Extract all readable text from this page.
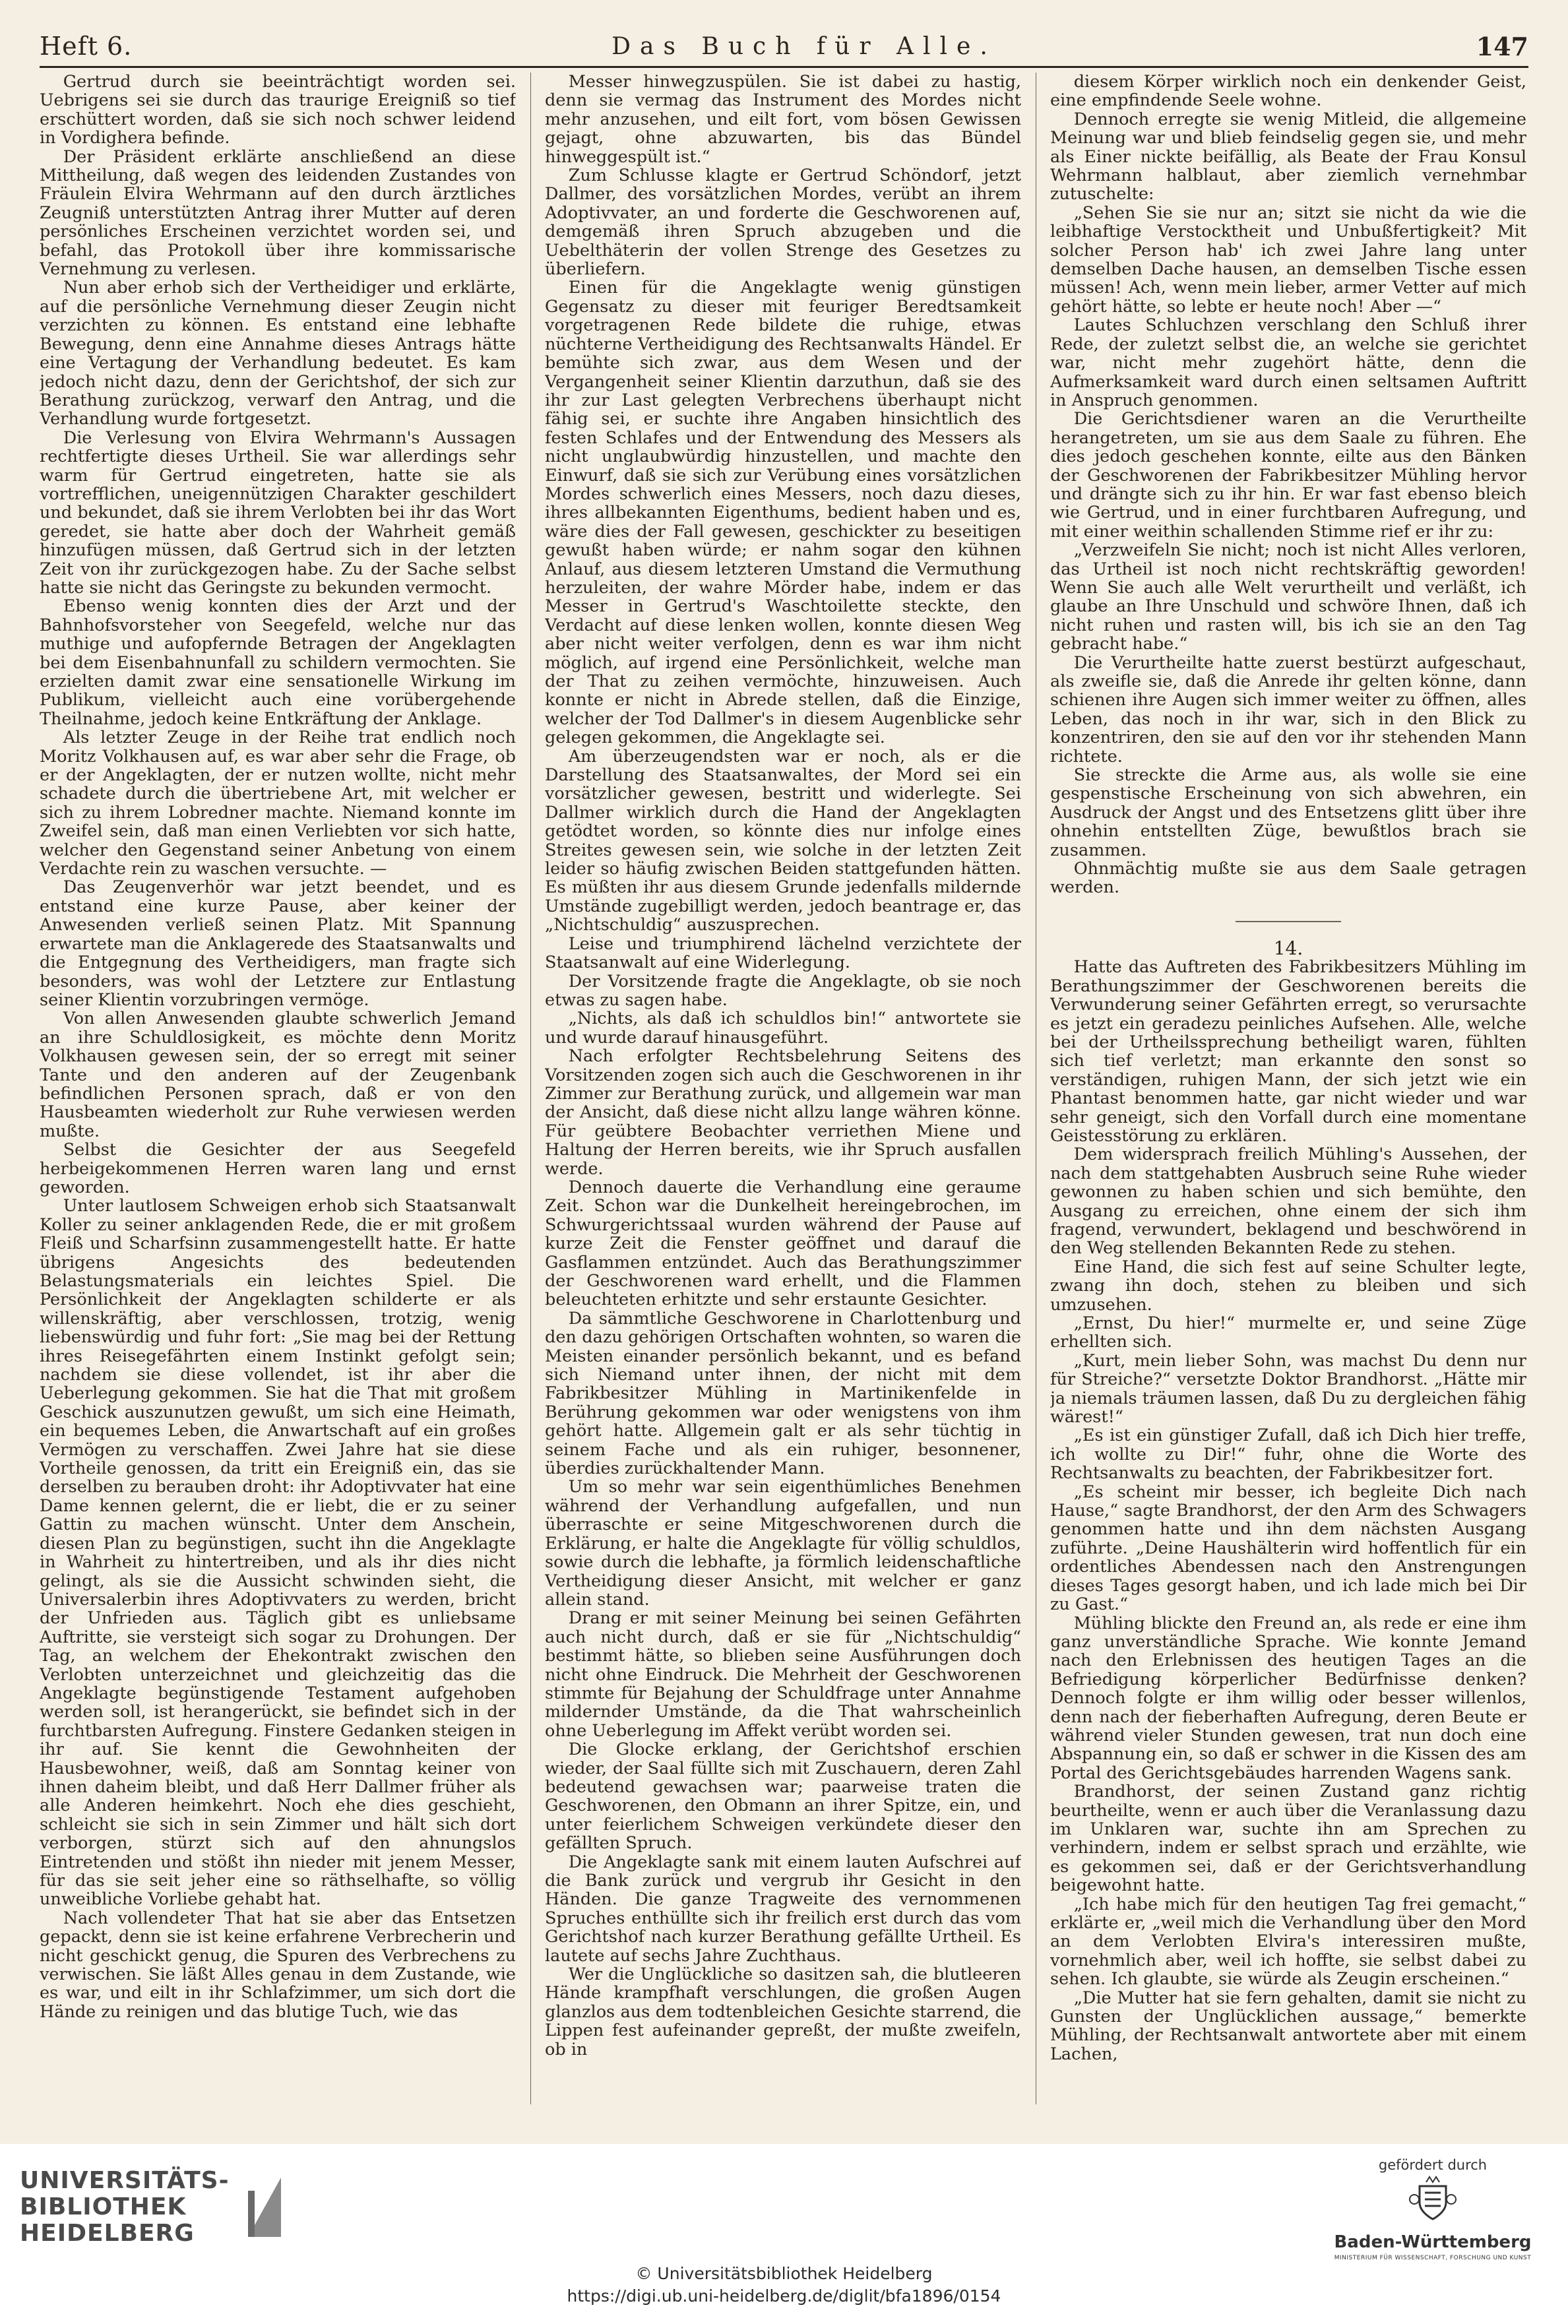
Heft 6.	Das Buch für Alle.	147

Gertrud durch sie beeinträchtigt worden sei. Uebrigens sei sie durch das traurige Ereigniß so tief erschüttert worden, daß sie sich noch schwer leidend in Vordighera befinde.

Der Präsident erklärte anschließend an diese Mittheilung, daß wegen des leidenden Zustandes von Fräulein Elvira Wehrmann auf den durch ärztliches Zeugniß unterstützten Antrag ihrer Mutter auf deren persönliches Erscheinen verzichtet worden sei, und befahl, das Protokoll über ihre kommissarische Vernehmung zu verlesen.

Nun aber erhob sich der Vertheidiger und erklärte, auf die persönliche Vernehmung dieser Zeugin nicht verzichten zu können. Es entstand eine lebhafte Bewegung, denn eine Annahme dieses Antrags hätte eine Vertagung der Verhandlung bedeutet. Es kam jedoch nicht dazu, denn der Gerichtshof, der sich zur Berathung zurückzog, verwarf den Antrag, und die Verhandlung wurde fortgesetzt.

Die Verlesung von Elvira Wehrmann's Aussagen rechtfertigte dieses Urtheil. Sie war allerdings sehr warm für Gertrud eingetreten, hatte sie als vortrefflichen, uneigennützigen Charakter geschildert und bekundet, daß sie ihrem Verlobten bei ihr das Wort geredet, sie hatte aber doch der Wahrheit gemäß hinzufügen müssen, daß Gertrud sich in der letzten Zeit von ihr zurückgezogen habe. Zu der Sache selbst hatte sie nicht das Geringste zu bekunden vermocht.

Ebenso wenig konnten dies der Arzt und der Bahnhofsvorsteher von Seegefeld, welche nur das muthige und aufopfernde Betragen der Angeklagten bei dem Eisenbahnunfall zu schildern vermochten. Sie erzielten damit zwar eine sensationelle Wirkung im Publikum, vielleicht auch eine vorübergehende Theilnahme, jedoch keine Entkräftung der Anklage.

Als letzter Zeuge in der Reihe trat endlich noch Moritz Volkhausen auf, es war aber sehr die Frage, ob er der Angeklagten, der er nutzen wollte, nicht mehr schadete durch die übertriebene Art, mit welcher er sich zu ihrem Lobredner machte. Niemand konnte im Zweifel sein, daß man einen Verliebten vor sich hatte, welcher den Gegenstand seiner Anbetung von einem Verdachte rein zu waschen versuchte. —

Das Zeugenverhör war jetzt beendet, und es entstand eine kurze Pause, aber keiner der Anwesenden verließ seinen Platz. Mit Spannung erwartete man die Anklagerede des Staatsanwalts und die Entgegnung des Vertheidigers, man fragte sich besonders, was wohl der Letztere zur Entlastung seiner Klientin vorzubringen vermöge.

Von allen Anwesenden glaubte schwerlich Jemand an ihre Schuldlosigkeit, es möchte denn Moritz Volkhausen gewesen sein, der so erregt mit seiner Tante und den anderen auf der Zeugenbank befindlichen Personen sprach, daß er von den Hausbeamten wiederholt zur Ruhe verwiesen werden mußte.

Selbst die Gesichter der aus Seegefeld herbeigekommenen Herren waren lang und ernst geworden.

Unter lautlosem Schweigen erhob sich Staatsanwalt Koller zu seiner anklagenden Rede, die er mit großem Fleiß und Scharfsinn zusammengestellt hatte. Er hatte übrigens Angesichts des bedeutenden Belastungsmaterials ein leichtes Spiel. Die Persönlichkeit der Angeklagten schilderte er als willenskräftig, aber verschlossen, trotzig, wenig liebenswürdig und fuhr fort: „Sie mag bei der Rettung ihres Reisegefährten einem Instinkt gefolgt sein; nachdem sie diese vollendet, ist ihr aber die Ueberlegung gekommen. Sie hat die That mit großem Geschick auszunutzen gewußt, um sich eine Heimath, ein bequemes Leben, die Anwartschaft auf ein großes Vermögen zu verschaffen. Zwei Jahre hat sie diese Vortheile genossen, da tritt ein Ereigniß ein, das sie derselben zu berauben droht: ihr Adoptivvater hat eine Dame kennen gelernt, die er liebt, die er zu seiner Gattin zu machen wünscht. Unter dem Anschein, diesen Plan zu begünstigen, sucht ihn die Angeklagte in Wahrheit zu hintertreiben, und als ihr dies nicht gelingt, als sie die Aussicht schwinden sieht, die Universalerbin ihres Adoptivvaters zu werden, bricht der Unfrieden aus. Täglich gibt es unliebsame Auftritte, sie versteigt sich sogar zu Drohungen. Der Tag, an welchem der Ehekontrakt zwischen den Verlobten unterzeichnet und gleichzeitig das die Angeklagte begünstigende Testament aufgehoben werden soll, ist herangerückt, sie befindet sich in der furchtbarsten Aufregung. Finstere Gedanken steigen in ihr auf. Sie kennt die Gewohnheiten der Hausbewohner, weiß, daß am Sonntag keiner von ihnen daheim bleibt, und daß Herr Dallmer früher als alle Anderen heimkehrt. Noch ehe dies geschieht, schleicht sie sich in sein Zimmer und hält sich dort verborgen, stürzt sich auf den ahnungslos Eintretenden und stößt ihn nieder mit jenem Messer, für das sie seit jeher eine so räthselhafte, so völlig unweibliche Vorliebe gehabt hat.

Nach vollendeter That hat sie aber das Entsetzen gepackt, denn sie ist keine erfahrene Verbrecherin und nicht geschickt genug, die Spuren des Verbrechens zu verwischen. Sie läßt Alles genau in dem Zustande, wie es war, und eilt in ihr Schlafzimmer, um sich dort die Hände zu reinigen und das blutige Tuch, wie das

Messer hinwegzuspülen. Sie ist dabei zu hastig, denn sie vermag das Instrument des Mordes nicht mehr anzusehen, und eilt fort, vom bösen Gewissen gejagt, ohne abzuwarten, bis das Bündel hinweggespült ist.“

Zum Schlusse klagte er Gertrud Schöndorf, jetzt Dallmer, des vorsätzlichen Mordes, verübt an ihrem Adoptivvater, an und forderte die Geschworenen auf, demgemäß ihren Spruch abzugeben und die Uebelthäterin der vollen Strenge des Gesetzes zu überliefern.

Einen für die Angeklagte wenig günstigen Gegensatz zu dieser mit feuriger Beredtsamkeit vorgetragenen Rede bildete die ruhige, etwas nüchterne Vertheidigung des Rechtsanwalts Händel. Er bemühte sich zwar, aus dem Wesen und der Vergangenheit seiner Klientin darzuthun, daß sie des ihr zur Last gelegten Verbrechens überhaupt nicht fähig sei, er suchte ihre Angaben hinsichtlich des festen Schlafes und der Entwendung des Messers als nicht unglaubwürdig hinzustellen, und machte den Einwurf, daß sie sich zur Verübung eines vorsätzlichen Mordes schwerlich eines Messers, noch dazu dieses, ihres allbekannten Eigenthums, bedient haben und es, wäre dies der Fall gewesen, geschickter zu beseitigen gewußt haben würde; er nahm sogar den kühnen Anlauf, aus diesem letzteren Umstand die Vermuthung herzuleiten, der wahre Mörder habe, indem er das Messer in Gertrud's Waschtoilette steckte, den Verdacht auf diese lenken wollen, konnte diesen Weg aber nicht weiter verfolgen, denn es war ihm nicht möglich, auf irgend eine Persönlichkeit, welche man der That zu zeihen vermöchte, hinzuweisen. Auch konnte er nicht in Abrede stellen, daß die Einzige, welcher der Tod Dallmer's in diesem Augenblicke sehr gelegen gekommen, die Angeklagte sei.

Am überzeugendsten war er noch, als er die Darstellung des Staatsanwaltes, der Mord sei ein vorsätzlicher gewesen, bestritt und widerlegte. Sei Dallmer wirklich durch die Hand der Angeklagten getödtet worden, so könnte dies nur infolge eines Streites gewesen sein, wie solche in der letzten Zeit leider so häufig zwischen Beiden stattgefunden hätten. Es müßten ihr aus diesem Grunde jedenfalls mildernde Umstände zugebilligt werden, jedoch beantrage er, das „Nichtschuldig“ auszusprechen.

Leise und triumphirend lächelnd verzichtete der Staatsanwalt auf eine Widerlegung.

Der Vorsitzende fragte die Angeklagte, ob sie noch etwas zu sagen habe.

„Nichts, als daß ich schuldlos bin!“ antwortete sie und wurde darauf hinausgeführt.

Nach erfolgter Rechtsbelehrung Seitens des Vorsitzenden zogen sich auch die Geschworenen in ihr Zimmer zur Berathung zurück, und allgemein war man der Ansicht, daß diese nicht allzu lange währen könne. Für geübtere Beobachter verriethen Miene und Haltung der Herren bereits, wie ihr Spruch ausfallen werde.

Dennoch dauerte die Verhandlung eine geraume Zeit. Schon war die Dunkelheit hereingebrochen, im Schwurgerichtssaal wurden während der Pause auf kurze Zeit die Fenster geöffnet und darauf die Gasflammen entzündet. Auch das Berathungszimmer der Geschworenen ward erhellt, und die Flammen beleuchteten erhitzte und sehr erstaunte Gesichter.

Da sämmtliche Geschworene in Charlottenburg und den dazu gehörigen Ortschaften wohnten, so waren die Meisten einander persönlich bekannt, und es befand sich Niemand unter ihnen, der nicht mit dem Fabrikbesitzer Mühling in Martinikenfelde in Berührung gekommen war oder wenigstens von ihm gehört hatte. Allgemein galt er als sehr tüchtig in seinem Fache und als ein ruhiger, besonnener, überdies zurückhaltender Mann.

Um so mehr war sein eigenthümliches Benehmen während der Verhandlung aufgefallen, und nun überraschte er seine Mitgeschworenen durch die Erklärung, er halte die Angeklagte für völlig schuldlos, sowie durch die lebhafte, ja förmlich leidenschaftliche Vertheidigung dieser Ansicht, mit welcher er ganz allein stand.

Drang er mit seiner Meinung bei seinen Gefährten auch nicht durch, daß er sie für „Nichtschuldig“ bestimmt hätte, so blieben seine Ausführungen doch nicht ohne Eindruck. Die Mehrheit der Geschworenen stimmte für Bejahung der Schuldfrage unter Annahme mildernder Umstände, da die That wahrscheinlich ohne Ueberlegung im Affekt verübt worden sei.

Die Glocke erklang, der Gerichtshof erschien wieder, der Saal füllte sich mit Zuschauern, deren Zahl bedeutend gewachsen war; paarweise traten die Geschworenen, den Obmann an ihrer Spitze, ein, und unter feierlichem Schweigen verkündete dieser den gefällten Spruch.

Die Angeklagte sank mit einem lauten Aufschrei auf die Bank zurück und vergrub ihr Gesicht in den Händen. Die ganze Tragweite des vernommenen Spruches enthüllte sich ihr freilich erst durch das vom Gerichtshof nach kurzer Berathung gefällte Urtheil. Es lautete auf sechs Jahre Zuchthaus.

Wer die Unglückliche so dasitzen sah, die blutleeren Hände krampfhaft verschlungen, die großen Augen glanzlos aus dem todtenbleichen Gesichte starrend, die Lippen fest aufeinander gepreßt, der mußte zweifeln, ob in

diesem Körper wirklich noch ein denkender Geist, eine empfindende Seele wohne.

Dennoch erregte sie wenig Mitleid, die allgemeine Meinung war und blieb feindselig gegen sie, und mehr als Einer nickte beifällig, als Beate der Frau Konsul Wehrmann halblaut, aber ziemlich vernehmbar zutuschelte:

„Sehen Sie sie nur an; sitzt sie nicht da wie die leibhaftige Verstocktheit und Unbußfertigkeit? Mit solcher Person hab' ich zwei Jahre lang unter demselben Dache hausen, an demselben Tische essen müssen! Ach, wenn mein lieber, armer Vetter auf mich gehört hätte, so lebte er heute noch! Aber —“

Lautes Schluchzen verschlang den Schluß ihrer Rede, der zuletzt selbst die, an welche sie gerichtet war, nicht mehr zugehört hätte, denn die Aufmerksamkeit ward durch einen seltsamen Auftritt in Anspruch genommen.

Die Gerichtsdiener waren an die Verurtheilte herangetreten, um sie aus dem Saale zu führen. Ehe dies jedoch geschehen konnte, eilte aus den Bänken der Geschworenen der Fabrikbesitzer Mühling hervor und drängte sich zu ihr hin. Er war fast ebenso bleich wie Gertrud, und in einer furchtbaren Aufregung, und mit einer weithin schallenden Stimme rief er ihr zu:

„Verzweifeln Sie nicht; noch ist nicht Alles verloren, das Urtheil ist noch nicht rechtskräftig geworden! Wenn Sie auch alle Welt verurtheilt und verläßt, ich glaube an Ihre Unschuld und schwöre Ihnen, daß ich nicht ruhen und rasten will, bis ich sie an den Tag gebracht habe.“

Die Verurtheilte hatte zuerst bestürzt aufgeschaut, als zweifle sie, daß die Anrede ihr gelten könne, dann schienen ihre Augen sich immer weiter zu öffnen, alles Leben, das noch in ihr war, sich in den Blick zu konzentriren, den sie auf den vor ihr stehenden Mann richtete.

Sie streckte die Arme aus, als wolle sie eine gespenstische Erscheinung von sich abwehren, ein Ausdruck der Angst und des Entsetzens glitt über ihre ohnehin entstellten Züge, bewußtlos brach sie zusammen.

Ohnmächtig mußte sie aus dem Saale getragen werden.

14.

Hatte das Auftreten des Fabrikbesitzers Mühling im Berathungszimmer der Geschworenen bereits die Verwunderung seiner Gefährten erregt, so verursachte es jetzt ein geradezu peinliches Aufsehen. Alle, welche bei der Urtheilssprechung betheiligt waren, fühlten sich tief verletzt; man erkannte den sonst so verständigen, ruhigen Mann, der sich jetzt wie ein Phantast benommen hatte, gar nicht wieder und war sehr geneigt, sich den Vorfall durch eine momentane Geistesstörung zu erklären.

Dem widersprach freilich Mühling's Aussehen, der nach dem stattgehabten Ausbruch seine Ruhe wieder gewonnen zu haben schien und sich bemühte, den Ausgang zu erreichen, ohne einem der sich ihm fragend, verwundert, beklagend und beschwörend in den Weg stellenden Bekannten Rede zu stehen.

Eine Hand, die sich fest auf seine Schulter legte, zwang ihn doch, stehen zu bleiben und sich umzusehen.

„Ernst, Du hier!“ murmelte er, und seine Züge erhellten sich.

„Kurt, mein lieber Sohn, was machst Du denn nur für Streiche?“ versetzte Doktor Brandhorst. „Hätte mir ja niemals träumen lassen, daß Du zu dergleichen fähig wärest!“

„Es ist ein günstiger Zufall, daß ich Dich hier treffe, ich wollte zu Dir!“ fuhr, ohne die Worte des Rechtsanwalts zu beachten, der Fabrikbesitzer fort.

„Es scheint mir besser, ich begleite Dich nach Hause,“ sagte Brandhorst, der den Arm des Schwagers genommen hatte und ihn dem nächsten Ausgang zuführte. „Deine Haushälterin wird hoffentlich für ein ordentliches Abendessen nach den Anstrengungen dieses Tages gesorgt haben, und ich lade mich bei Dir zu Gast.“

Mühling blickte den Freund an, als rede er eine ihm ganz unverständliche Sprache. Wie konnte Jemand nach den Erlebnissen des heutigen Tages an die Befriedigung körperlicher Bedürfnisse denken? Dennoch folgte er ihm willig oder besser willenlos, denn nach der fieberhaften Aufregung, deren Beute er während vieler Stunden gewesen, trat nun doch eine Abspannung ein, so daß er schwer in die Kissen des am Portal des Gerichtsgebäudes harrenden Wagens sank.

Brandhorst, der seinen Zustand ganz richtig beurtheilte, wenn er auch über die Veranlassung dazu im Unklaren war, suchte ihn am Sprechen zu verhindern, indem er selbst sprach und erzählte, wie es gekommen sei, daß er der Gerichtsverhandlung beigewohnt hatte.

„Ich habe mich für den heutigen Tag frei gemacht,“ erklärte er, „weil mich die Verhandlung über den Mord an dem Verlobten Elvira's interessiren mußte, vornehmlich aber, weil ich hoffte, sie selbst dabei zu sehen. Ich glaubte, sie würde als Zeugin erscheinen.“

„Die Mutter hat sie fern gehalten, damit sie nicht zu Gunsten der Unglücklichen aussage,“ bemerkte Mühling, der Rechtsanwalt antwortete aber mit einem Lachen,

UNIVERSITÄTS-
BIBLIOTHEK
HEIDELBERG
© Universitätsbibliothek Heidelberg
https://digi.ub.uni-heidelberg.de/diglit/bfa1896/0154
gefördert durch
Baden-Württemberg
MINISTERIUM FÜR WISSENSCHAFT, FORSCHUNG UND KUNST
